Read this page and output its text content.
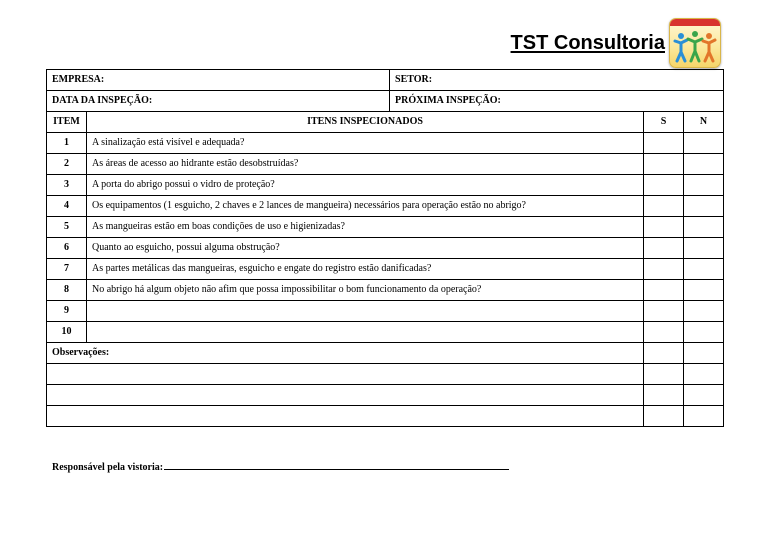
TST Consultoria
EMPRESA:		SETOR:		
DATA DA INSPEÇÃO:		PRÓXIMA INSPEÇÃO:		
ITEM	ITENS INSPECIONADOS		S	N
1	A sinalização está visível e adequada?			
2	As áreas de acesso ao hidrante estão desobstruídas?			
3	A porta do abrigo possui o vidro de proteção?			
4	Os equipamentos (1 esguicho, 2 chaves e 2 lances de mangueira) necessários para operação estão no abrigo?			
5	As mangueiras estão em boas condições de uso e higienizadas?			
6	Quanto ao esguicho, possui alguma obstrução?			
7	As partes metálicas das mangueiras, esguicho e engate do registro estão danificadas?			
8	No abrigo há algum objeto não afim que possa impossibilitar o bom funcionamento da operação?			
9				
10				
Observações:				

Responsável pela vistoria:
